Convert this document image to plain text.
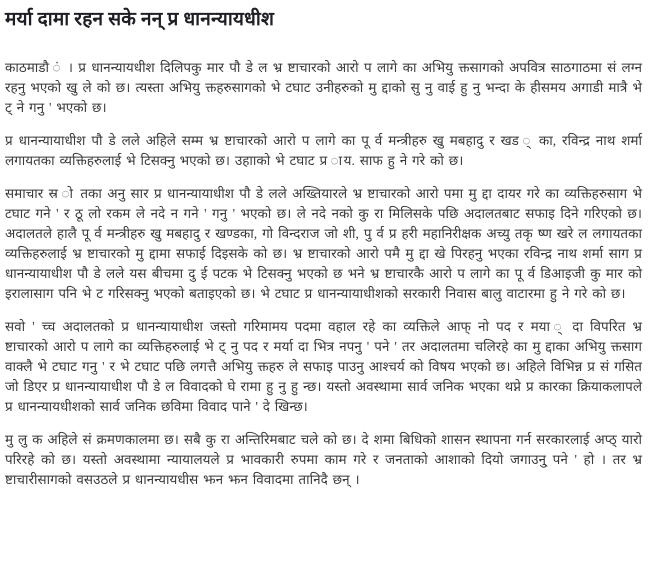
मर्या दामा रहन सके नन् प्र धानन्यायधीश

काठमाडौ ं । प्र धानन्यायधीश दिलिपकु मार पौ डे ल भ्र ष्टाचारको आरो प लागे का अभियु क्तसागको अपवित्र साठगाठमा सं लग्न रहनु भएको खु ले को छ। त्यस्ता अभियु क्तहरुसागको भे टघाट उनीहरुको मु द्दाको सु नु वाई हु नु भन्दा के हीसमय अगाडी मात्रै भे ट् ने गनु ' भएको छ।

प्र धानन्यायाधीश पौ डे लले अहिले सम्म भ्र ष्टाचारको आरो प लागे का पू र्व मन्त्रीहरु खु मबहादु र खड ् का, रविन्द्र नाथ शर्मा लगायतका व्यक्तिहरुलाई भे टिसक्नु भएको छ। उहााको भे टघाट प्र ाय. साफ हु ने गरे को छ।

समाचार स्र ो तका अनु सार प्र धानन्यायाधीश पौ डे लले अख्तियारले भ्र ष्टाचारको आरो पमा मु द्दा दायर गरे का व्यक्तिहरुसाग भे टघाट गने ' र ठू लो रकम ले नदे न गने ' गनु ' भएको छ। ले नदे नको कु रा मिलिसके पछि अदालतबाट सफाइ दिने गरिएको छ। अदालतले हालै पू र्व मन्त्रीहरु खु मबहादु र खण्डका, गो विन्दराज जो शी, पु र्व प्र हरी महानिरीक्षक अच्यु तकृ ष्ण खरे ल लगायतका व्यक्तिहरुलाई भ्र ष्टाचारको मु द्दामा सफाई दिइसके को छ। भ्र ष्टाचारको आरो पमै मु द्दा खे पिरहनु भएका रविन्द्र नाथ शर्मा साग प्र धानन्यायाधीश पौ डे लले यस बीचमा दु ई पटक भे टिसक्नु भएको छ भने भ्र ष्टाचारकै आरो प लागे का पू र्व डिआइजी कु मार को इरालासाग पनि भे ट गरिसक्नु भएको बताइएको छ। भे टघाट प्र धानन्यायाधीशको सरकारी निवास बालु वाटारमा हु ने गरे को छ।

सवो ' च्च अदालतको प्र धानन्यायाधीश जस्तो गरिमामय पदमा वहाल रहे का व्यक्तिले आफ् नो पद र मया ् दा विपरित भ्र ष्टाचारको आरो प लागे का व्यक्तिहरुलाई भे ट् नु पद र मर्या दा भित्र नपनु ' पने ' तर अदालतमा चलिरहे का मु द्दाका अभियु क्तसाग वाक्लै भे टघाट गनु ' र भे टघाट पछि लगत्तै अभियु क्तहरु ले सफाइ पाउनु आश्चर्य को विषय भएको छ। अहिले विभिन्न प्र सं गसित जो डिएर प्र धानन्यायाधीश पौ डे ल विवादको घे रामा हु नु हु न्छ। यस्तो अवस्थामा सार्व जनिक भएका थप्ने प्र कारका क्रियाकलापले प्र धानन्यायधीशको सार्व जनिक छविमा विवाद पाने ' दे खिन्छ।

मु लु क अहिले सं क्रमणकालमा छ। सबै कु रा अन्तिरिमबाट चले को छ। दे शमा बिधिको शासन स्थापना गर्न सरकारलाई अप्ठ् यारो परिरहे को छ। यस्तो अवस्थामा न्यायालयले प्र भावकारी रुपमा काम गरे र जनताको आशाको दियो जगाउनु् पने ' हो । तर भ्र ष्टाचारीसागको वसउठले प्र धानन्यायधीस झन झन विवादमा तानिदै छन् ।
